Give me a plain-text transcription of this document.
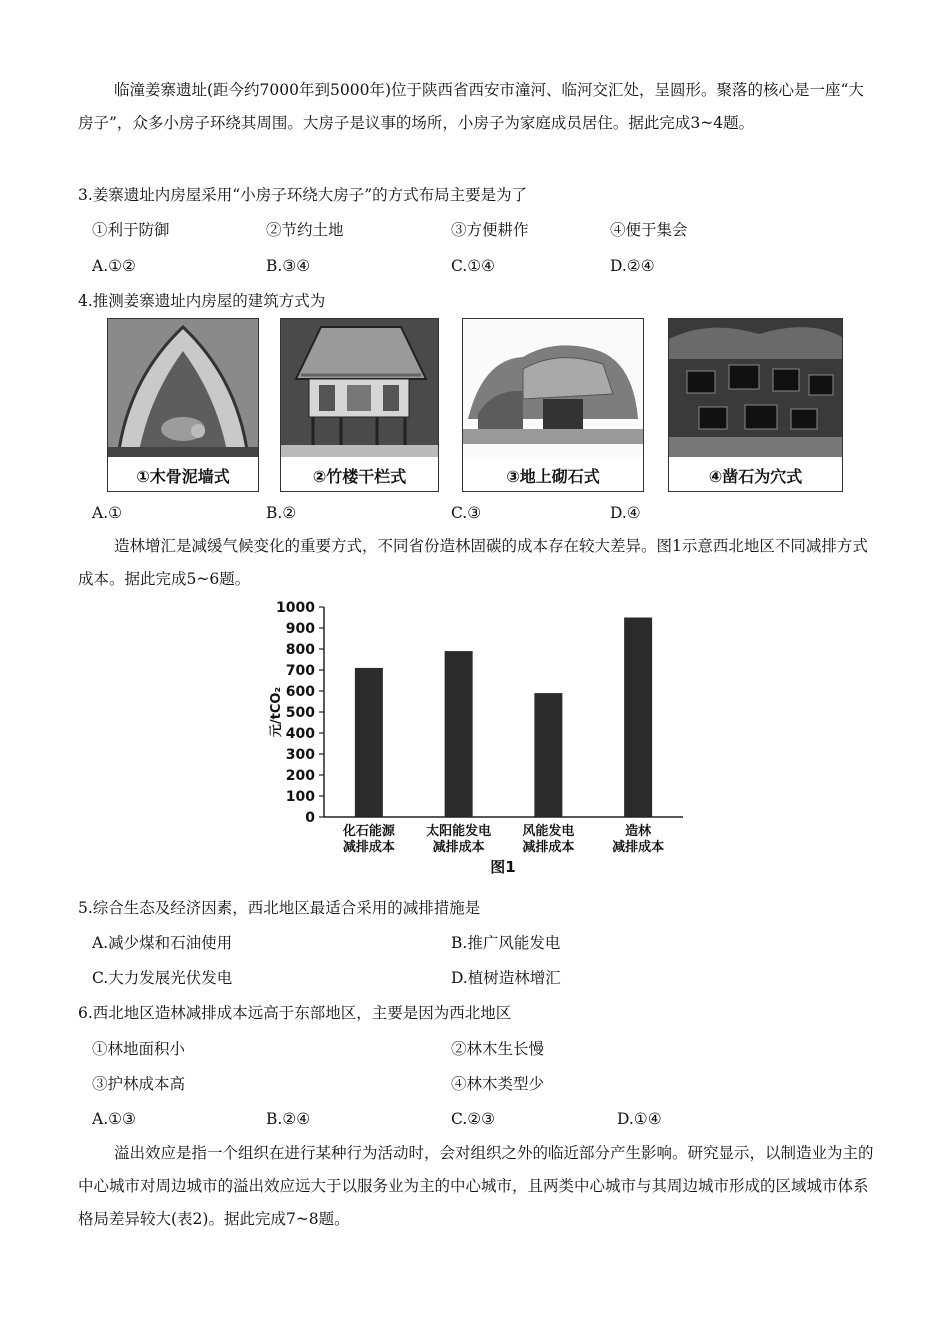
临潼姜寨遗址(距今约7000年到5000年)位于陕西省西安市潼河、临河交汇处，呈圆形。聚落的核心是一座“大房子”，众多小房子环绕其周围。大房子是议事的场所，小房子为家庭成员居住。据此完成3~4题。

3.姜寨遗址内房屋采用“小房子环绕大房子”的方式布局主要是为了
①利于防御	②节约土地	③方便耕作	④便于集会
A.①②	B.③④	C.①④	D.②④
4.推测姜寨遗址内房屋的建筑方式为
①木骨泥墙式	②竹楼干栏式	③地上砌石式	④凿石为穴式
A.①	B.②	C.③	D.④

造林增汇是减缓气候变化的重要方式，不同省份造林固碳的成本存在较大差异。图1示意西北地区不同减排方式成本。据此完成5~6题。

0
100
200
300
400
500
600
700
800
900
1000
化石能源
减排成本
太阳能发电
减排成本
风能发电
减排成本
造林
减排成本
元/tCO₂
图1
5.综合生态及经济因素，西北地区最适合采用的减排措施是
A.减少煤和石油使用	B.推广风能发电
C.大力发展光伏发电	D.植树造林增汇
6.西北地区造林减排成本远高于东部地区，主要是因为西北地区
①林地面积小	②林木生长慢
③护林成本高	④林木类型少
A.①③	B.②④	C.②③	D.①④

溢出效应是指一个组织在进行某种行为活动时，会对组织之外的临近部分产生影响。研究显示，以制造业为主的中心城市对周边城市的溢出效应远大于以服务业为主的中心城市，且两类中心城市与其周边城市形成的区域城市体系格局差异较大(表2)。据此完成7~8题。
